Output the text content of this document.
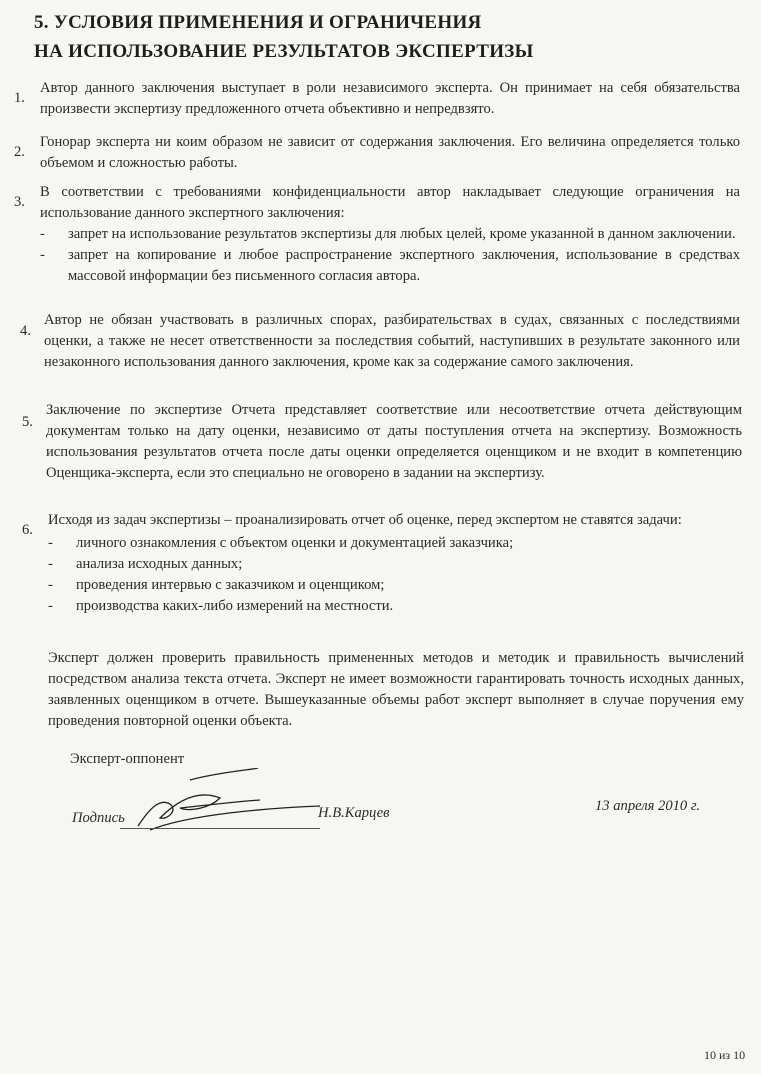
5. УСЛОВИЯ ПРИМЕНЕНИЯ И ОГРАНИЧЕНИЯ
НА ИСПОЛЬЗОВАНИЕ РЕЗУЛЬТАТОВ ЭКСПЕРТИЗЫ
1.
Автор данного заключения выступает в роли независимого эксперта. Он принимает на себя обязательства произвести экспертизу предложенного отчета объективно и непредвзято.
2.
Гонорар эксперта ни коим образом не зависит от содержания заключения. Его величина определяется только объемом и сложностью работы.
3.
В соответствии с требованиями конфиденциальности автор накладывает следующие ограничения на использование данного экспертного заключения:
- запрет на использование результатов экспертизы для любых целей, кроме указанной в данном заключении.
- запрет на копирование и любое распространение экспертного заключения, использование в средствах массовой информации без письменного согласия автора.
4.
Автор не обязан участвовать в различных спорах, разбирательствах в судах, связанных с последствиями оценки, а также не несет ответственности за последствия событий, наступивших в результате законного или незаконного использования данного заключения, кроме как за содержание самого заключения.
5.
Заключение по экспертизе Отчета представляет соответствие или несоответствие отчета действующим документам только на дату оценки, независимо от даты поступления отчета на экспертизу. Возможность использования результатов отчета после даты оценки определяется оценщиком и не входит в компетенцию Оценщика-эксперта, если это специально не оговорено в задании на экспертизу.
6.
Исходя из задач экспертизы – проанализировать отчет об оценке, перед экспертом не ставятся задачи:
- личного ознакомления с объектом оценки и документацией заказчика;
- анализа исходных данных;
- проведения интервью с заказчиком и оценщиком;
- производства каких-либо измерений на местности.
Эксперт должен проверить правильность примененных методов и методик и правильность вычислений посредством анализа текста отчета. Эксперт не имеет возможности гарантировать точность исходных данных, заявленных оценщиком в отчете. Вышеуказанные объемы работ эксперт выполняет в случае поручения ему проведения повторной оценки объекта.
Эксперт-оппонент
Подпись	Н.В.Карцев	13 апреля 2010 г.
10 из 10
